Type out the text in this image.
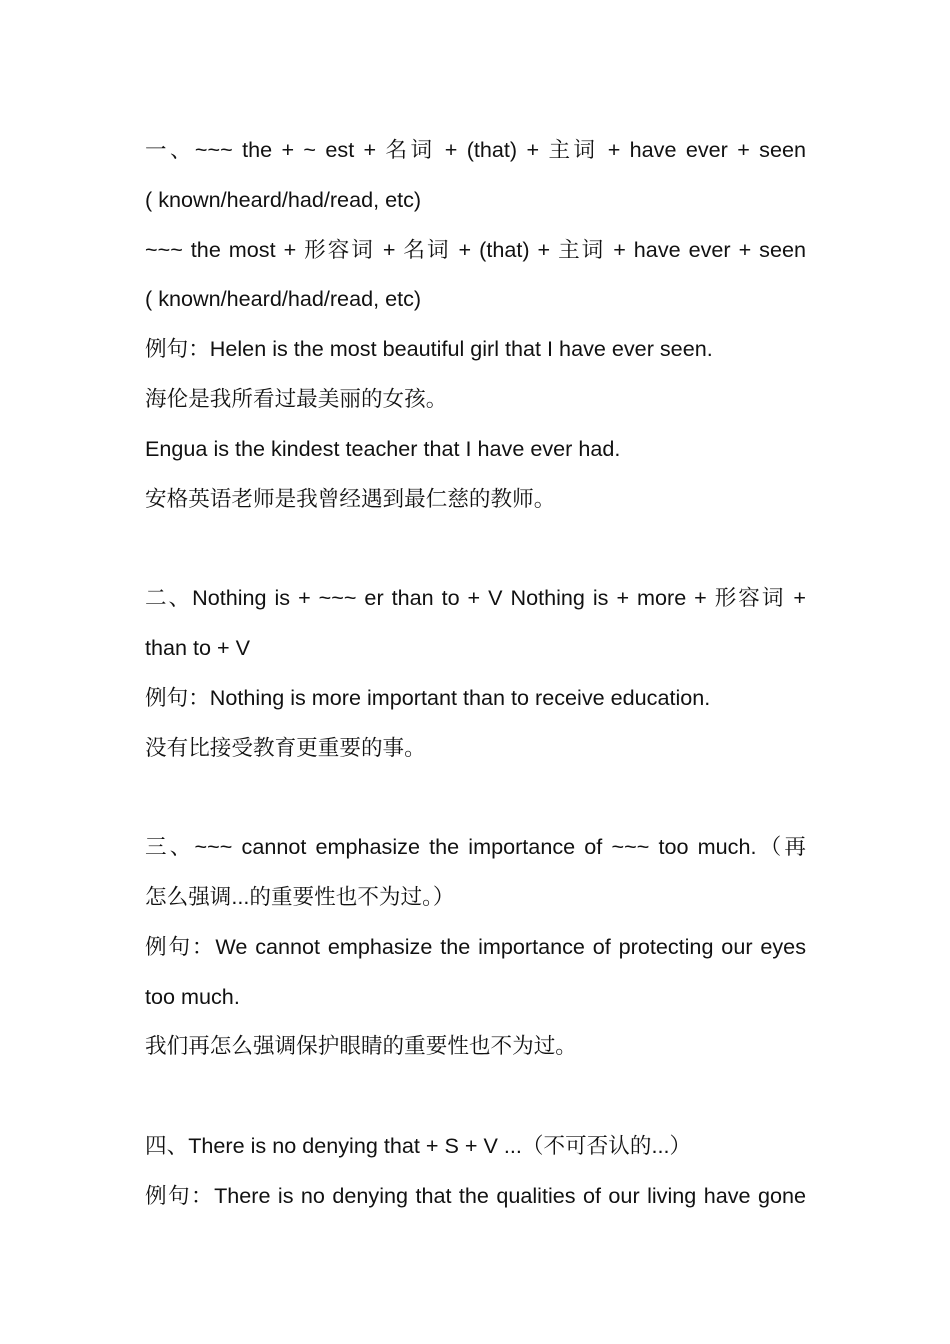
一、~~~ the + ~ est + 名词 + (that) + 主词 + have ever + seen
( known/heard/had/read, etc)
~~~ the most + 形容词 + 名词 + (that) + 主词 + have ever + seen
( known/heard/had/read, etc)
例句：Helen is the most beautiful girl that I have ever seen.
海伦是我所看过最美丽的女孩。
Engua is the kindest teacher that I have ever had.
安格英语老师是我曾经遇到最仁慈的教师。
二、Nothing is + ~~~ er than to + V Nothing is + more + 形容词 +
than to + V
例句：Nothing is more important than to receive education.
没有比接受教育更重要的事。
三、~~~ cannot emphasize the importance of ~~~ too much.（再
怎么强调...的重要性也不为过。）
例句：We cannot emphasize the importance of protecting our eyes
too much.
我们再怎么强调保护眼睛的重要性也不为过。
四、There is no denying that + S + V ...（不可否认的...）
例句：There is no denying that the qualities of our living have gone
